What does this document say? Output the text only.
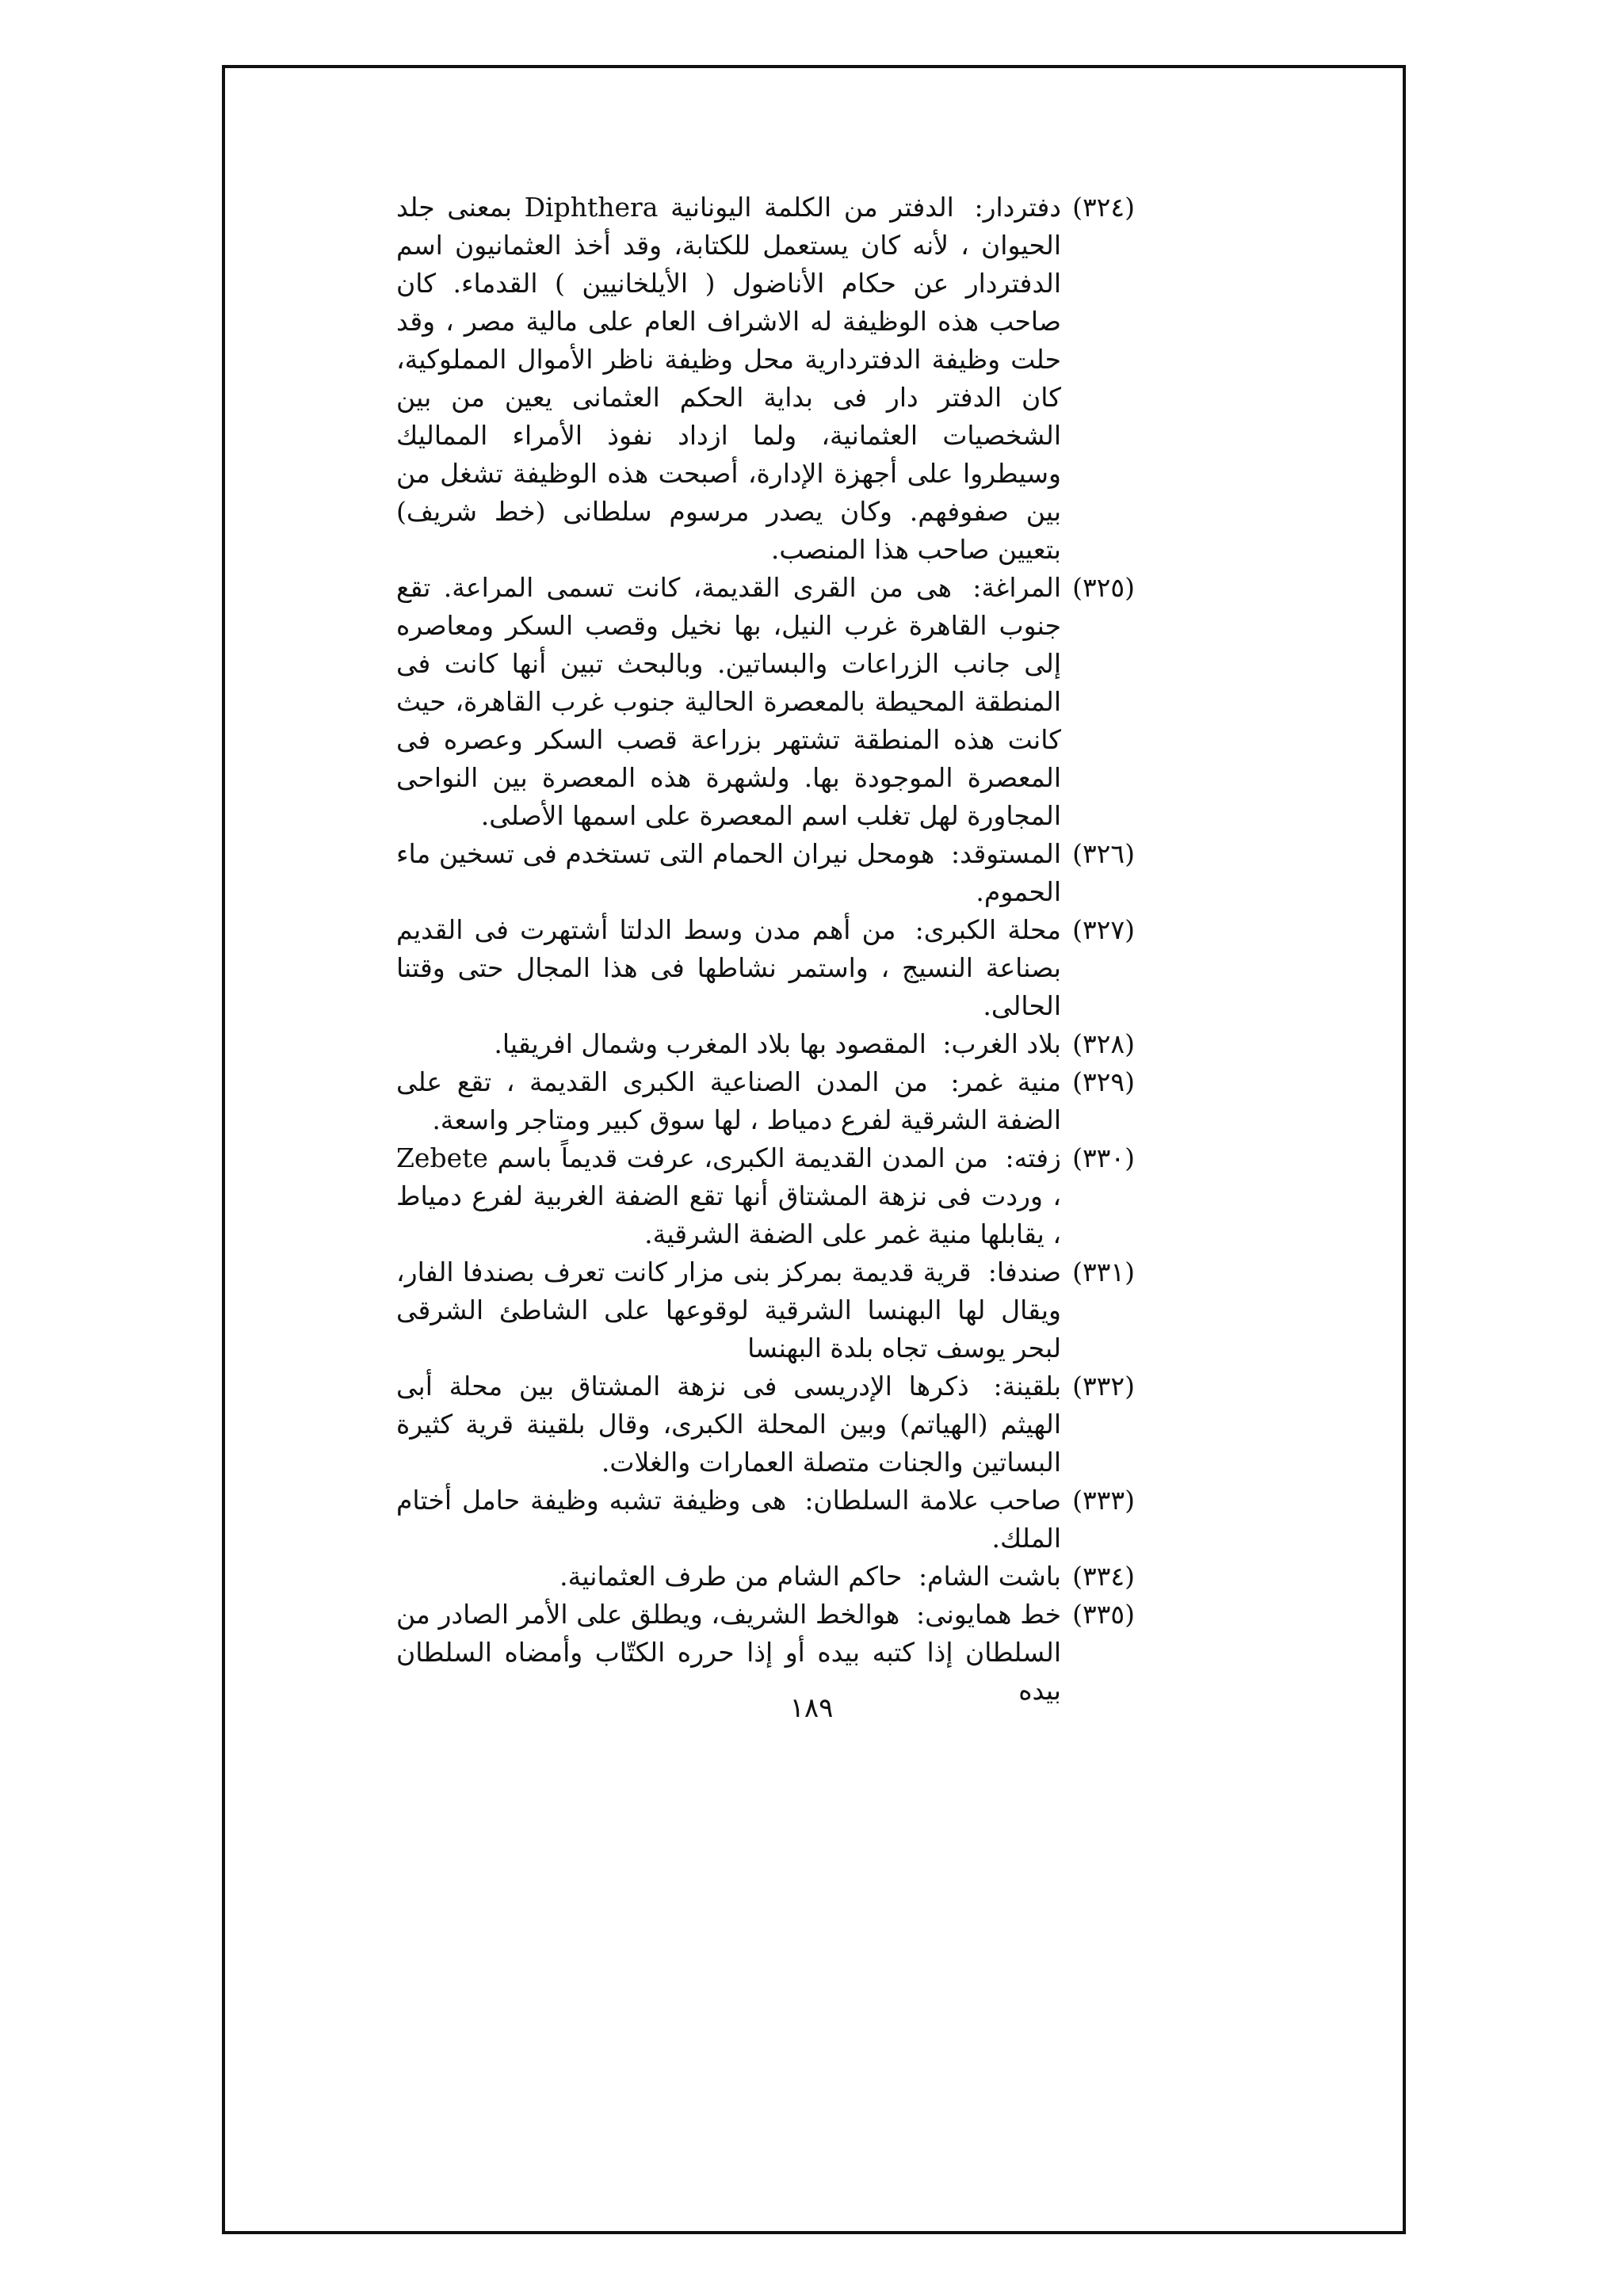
(٣٢٤)
دفتردار: الدفتر من الكلمة اليونانية Diphthera بمعنى جلد الحيوان ، لأنه كان يستعمل للكتابة، وقد أخذ العثمانيون اسم الدفتردار عن حكام الأناضول ( الأيلخانيين ) القدماء. كان صاحب هذه الوظيفة له الاشراف العام على مالية مصر ، وقد حلت وظيفة الدفتردارية محل وظيفة ناظر الأموال المملوكية، كان الدفتر دار فى بداية الحكم العثمانى يعين من بين الشخصيات العثمانية، ولما ازداد نفوذ الأمراء المماليك وسيطروا على أجهزة الإدارة، أصبحت هذه الوظيفة تشغل من بين صفوفهم. وكان يصدر مرسوم سلطانى (خط شريف) بتعيين صاحب هذا المنصب.

(٣٢٥)
المراغة: هى من القرى القديمة، كانت تسمى المراعة. تقع جنوب القاهرة غرب النيل، بها نخيل وقصب السكر ومعاصره إلى جانب الزراعات والبساتين. وبالبحث تبين أنها كانت فى المنطقة المحيطة بالمعصرة الحالية جنوب غرب القاهرة، حيث كانت هذه المنطقة تشتهر بزراعة قصب السكر وعصره فى المعصرة الموجودة بها. ولشهرة هذه المعصرة بين النواحى المجاورة لهل تغلب اسم المعصرة على اسمها الأصلى.

(٣٢٦)
المستوقد: هومحل نيران الحمام التى تستخدم فى تسخين ماء الحموم.

(٣٢٧)
محلة الكبرى: من أهم مدن وسط الدلتا أشتهرت فى القديم بصناعة النسيج ، واستمر نشاطها فى هذا المجال حتى وقتنا الحالى.

(٣٢٨)
بلاد الغرب: المقصود بها بلاد المغرب وشمال افريقيا.

(٣٢٩)
منية غمر: من المدن الصناعية الكبرى القديمة ، تقع على الضفة الشرقية لفرع دمياط ، لها سوق كبير ومتاجر واسعة.

(٣٣٠)
زفته: من المدن القديمة الكبرى، عرفت قديماً باسم Zebete ، وردت فى نزهة المشتاق أنها تقع الضفة الغربية لفرع دمياط ، يقابلها منية غمر على الضفة الشرقية.

(٣٣١)
صندفا: قرية قديمة بمركز بنى مزار كانت تعرف بصندفا الفار، ويقال لها البهنسا الشرقية لوقوعها على الشاطئ الشرقى لبحر يوسف تجاه بلدة البهنسا

(٣٣٢)
بلقينة: ذكرها الإدريسى فى نزهة المشتاق بين محلة أبى الهيثم (الهياتم) وبين المحلة الكبرى، وقال بلقينة قرية كثيرة البساتين والجنات متصلة العمارات والغلات.

(٣٣٣)
صاحب علامة السلطان: هى وظيفة تشبه وظيفة حامل أختام الملك.

(٣٣٤)
باشت الشام: حاكم الشام من طرف العثمانية.

(٣٣٥)
خط همايونى: هوالخط الشريف، ويطلق على الأمر الصادر من السلطان إذا كتبه بيده أو إذا حرره الكتّاب وأمضاه السلطان بيده

١٨٩
